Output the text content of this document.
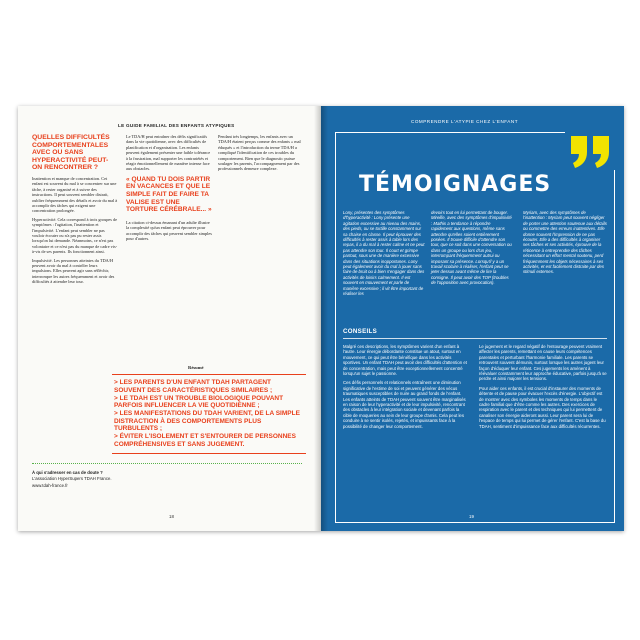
LE GUIDE FAMILIAL DES ENFANTS ATYPIQUES
QUELLES DIFFICULTÉS COMPORTEMENTALES AVEC OU SANS HYPERACTIVITÉ PEUT-ON RENCONTRER ?

Inattention et manque de concentration. Cet enfant est souvent du mal à se concentrer sur une tâche, à rester organisé et à suivre des instructions. Il peut souvent sembler distrait, oublier fréquemment des détails et avoir du mal à accomplir des tâches qui exigent une concentration prolongée.

Hyperactivité. Cela correspond à trois groupes de symptômes : l'agitation, l'inattention et l'impulsivité. L'enfant peut sembler ne pas vouloir écouter ou n'a pas pu rester assis lorsqu'on lui demande. Néanmoins, ce n'est pas volontaire et ce n'est pas du manque de cadre vis-à-vis de ses parents. Ils fonctionnent ainsi.

Impulsivité. Les personnes atteintes du TDA/H peuvent avoir du mal à contrôler leurs impulsions. Elles peuvent agir sans réfléchir, interrompre les autres fréquemment et avoir des difficultés à attendre leur tour.

Le TDA/H peut entraîner des défis significatifs dans la vie quotidienne, avec des difficultés de planification et d'organisation. Les enfants peuvent également présenter une faible tolérance à la frustration, mal supporter les contrariétés et réagir émotionnellement de manière intense face aux obstacles.

« QUAND TU DOIS PARTIR EN VACANCES ET QUE LE SIMPLE FAIT DE FAIRE TA VALISE EST UNE TORTURE CÉRÉBRALE... »

La citation ci-dessus émanant d'un adulte illustre la complexité qu'un enfant peut éprouver pour accomplir des tâches qui peuvent sembler simples pour d'autres.

Pendant très longtemps, les enfants avec un TDA/H étaient perçus comme des enfants « mal éduqués » et l'introduction du terme TDA/H a compliqué l'identification de ces troubles du comportement. Bien que le diagnostic puisse soulager les parents, l'accompagnement par des professionnels demeure complexe.

Résumé
> LES PARENTS D'UN ENFANT TDAH PARTAGENT SOUVENT DES CARACTÉRISTIQUES SIMILAIRES ;
> LE TDAH EST UN TROUBLE BIOLOGIQUE POUVANT PARFOIS INFLUENCER LA VIE QUOTIDIENNE ;
> LES MANIFESTATIONS DU TDAH VARIENT, DE LA SIMPLE DISTRACTION À DES COMPORTEMENTS PLUS TURBULENTS ;
> ÉVITER L'ISOLEMENT ET S'ENTOURER DE PERSONNES COMPRÉHENSIVES ET SANS JUGEMENT.
À qui s'adresser en cas de doute ?
L'association HyperSupers TDAH France.
www.tdah-france.fr
18
COMPRENDRE L'ATYPIE CHEZ L'ENFANT
TÉMOIGNAGES
Lony, présentes des symptômes d'hyperactivité : Lony présente une agitation excessive au niveau des mains, des pieds, ou se tortille constamment sur sa chaise en classe. Il peut éprouver des difficultés à rester assis à table lors des repas, il a du mal à rester calme et ne peut pas attendre son tour. Il court et grimpe partout, sous une de manière excessive dans des situations inopportunes. Lony peut également avoir du mal à jouer sans faire de bruit ou à bien s'engager dans des activités de loisirs calmement. Il est souvent en mouvement et parle de manière excessive ; il vit être important de réaliser les
devoirs tout en lui permettant de bouger. Mireille, avec des symptômes d'impulsivité : Mathis a tendance à répondre rapidement aux questions, même sans attendre qu'elles soient entièrement posées. Il trouve difficile d'attendre son tour, que ce soit dans une conversation ou dans un groupe ou lors d'un jeu, interrompant fréquemment autrui ou imposant sa présence. Lorsqu'il y a un travail scolaire à réaliser, l'enfant peut se jeter dessus avant même de lire la consigne. Il peut avoir des TOP (troubles de l'opposition avec provocation).
Myriam, avec des symptômes de l'inattention : Myriam peut souvent négliger de porter une attention soutenue aux détails ou commettre des erreurs inattentives. Elle donne souvent l'impression de ne pas écouter. Elle a des difficultés à organiser ses tâches et ses activités, éprouve de la réticence à entreprendre des tâches nécessitant un effort mental soutenu, perd fréquemment les objets nécessaires à ses activités, et est facilement distraite par des stimuli externes.
CONSEILS

Malgré ces descriptions, les symptômes varient d'un enfant à l'autre. Leur énergie débordante constitue un atout, surtout en mouvement, ce qui peut être bénéfique dans les activités sportives. Un enfant TDAH peut avoir des difficultés d'attention et de concentration, mais peut être exceptionnellement concentré lorsqu'un sujet le passionne.

Ces défis personnels et relationnels entraînent une diminution significative de l'estime de soi et peuvent générer des vécus traumatiques susceptibles de nuire au grand fonds de l'enfant. Les enfants atteints de TDAH peuvent souvent être marginalisés en raison de leur hyperactivité et de leur impulsivité, rencontrant des obstacles à leur intégration sociale et devenant parfois la cible de moqueries au sein de leur groupe d'amis. Cela peut les conduire à se sentir isolés, rejetés, et impuissants face à la possibilité de changer leur comportement.

Le jugement et le regard négatif de l'entourage peuvent vraiment affecter les parents, remettant en cause leurs compétences parentales et perturbant l'harmonie familiale. Les parents se retrouvent souvent démunis, surtout lorsque les autres jugent leur façon d'éduquer leur enfant. Ces jugements les amènent à réévaluer constamment leur approche éducative, parfois jusqu'à se perdre et ainsi majorer les tensions.

Pour aider ces enfants, il est crucial d'instaurer des moments de détente et de pause pour évacuer l'excès d'énergie. L'objectif est de montrer avec des symboles les moments de temps dans le cadre familial que d'être comme les autres. Des exercices de respiration avec le parent et des techniques qui lui permettent de canaliser son énergie aideront aussi. Leur parent sera lui de l'espace de temps qui lui permet de gérer l'enfant. C'est la base du TDAH, sentiment d'impuissance face aux difficultés récurrentes.

19
